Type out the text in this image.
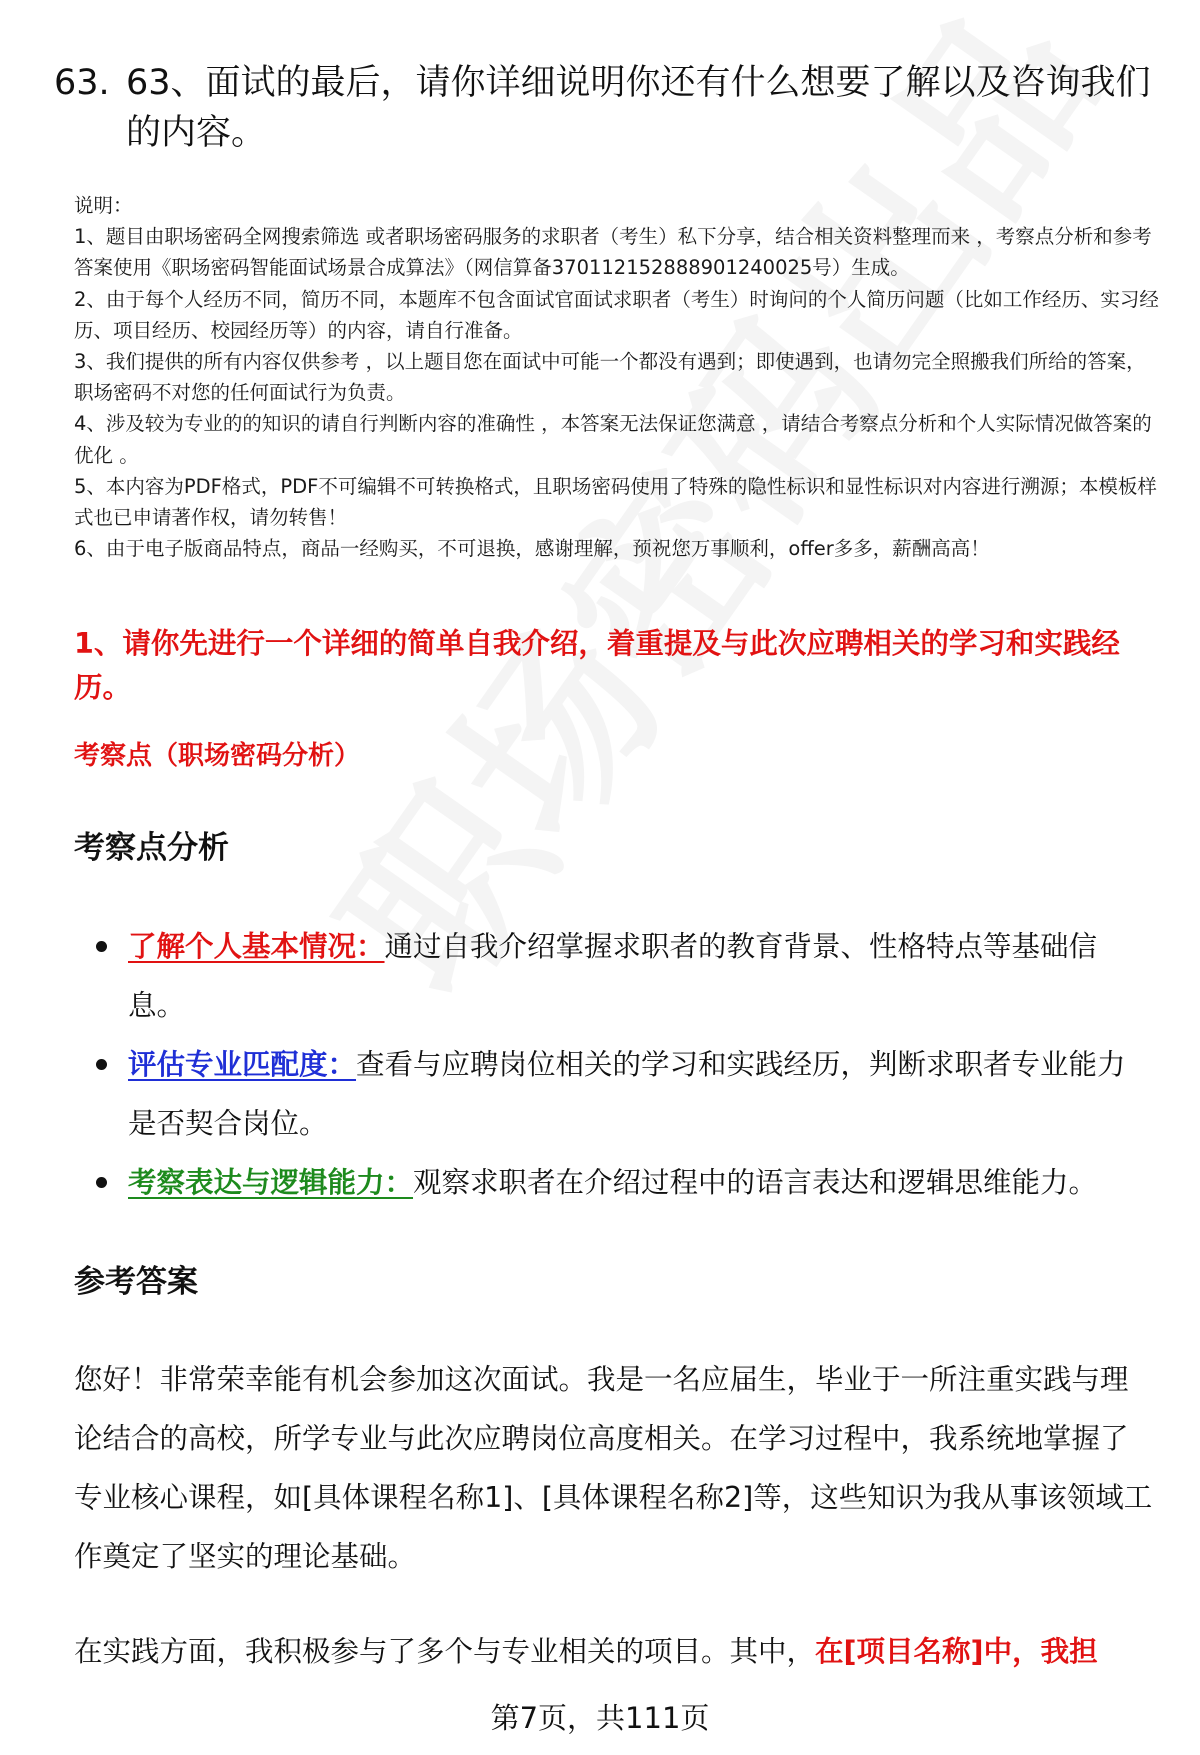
63. 63、面试的最后，请你详细说明你还有什么想要了解以及咨询我们的内容。

说明：

1、题目由职场密码全网搜索筛选 或者职场密码服务的求职者（考生）私下分享，结合相关资料整理而来 ，考察点分析和参考答案使用《职场密码智能面试场景合成算法》（网信算备370112152888901240025号）生成。

2、由于每个人经历不同，简历不同，本题库不包含面试官面试求职者（考生）时询问的个人简历问题（比如工作经历、实习经历、项目经历、校园经历等）的内容，请自行准备。

3、我们提供的所有内容仅供参考 ，以上题目您在面试中可能一个都没有遇到；即使遇到，也请勿完全照搬我们所给的答案，职场密码不对您的任何面试行为负责。

4、涉及较为专业的的知识的请自行判断内容的准确性 ，本答案无法保证您满意 ，请结合考察点分析和个人实际情况做答案的优化 。

5、本内容为PDF格式，PDF不可编辑不可转换格式，且职场密码使用了特殊的隐性标识和显性标识对内容进行溯源；本模板样式也已申请著作权，请勿转售！

6、由于电子版商品特点，商品一经购买，不可退换，感谢理解，预祝您万事顺利，offer多多，薪酬高高！

1、请你先进行一个详细的简单自我介绍，着重提及与此次应聘相关的学习和实践经历。
考察点（职场密码分析）
考察点分析
了解个人基本情况：通过自我介绍掌握求职者的教育背景、性格特点等基础信息。
评估专业匹配度：查看与应聘岗位相关的学习和实践经历，判断求职者专业能力是否契合岗位。
考察表达与逻辑能力：观察求职者在介绍过程中的语言表达和逻辑思维能力。
参考答案

您好！非常荣幸能有机会参加这次面试。我是一名应届生，毕业于一所注重实践与理论结合的高校，所学专业与此次应聘岗位高度相关。在学习过程中，我系统地掌握了专业核心课程，如[具体课程名称1]、[具体课程名称2]等，这些知识为我从事该领域工作奠定了坚实的理论基础。

在实践方面，我积极参与了多个与专业相关的项目。其中，在[项目名称]中，我担

第7页，共111页
